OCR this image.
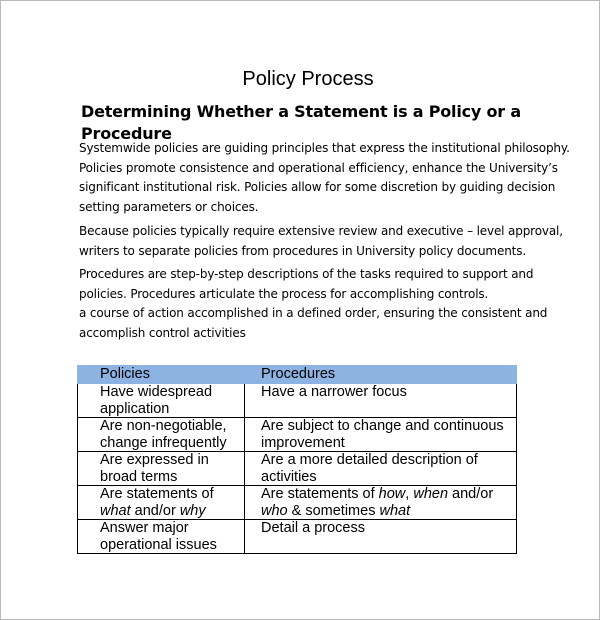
Policy Process
Determining Whether a Statement is a Policy or a Procedure
Systemwide policies are guiding principles that express the institutional philosophy.
Policies promote consistence and operational efficiency, enhance the University’s
significant institutional risk. Policies allow for some discretion by guiding decision
setting parameters or choices.
Because policies typically require extensive review and executive – level approval,
writers to separate policies from procedures in University policy documents.
Procedures are step-by-step descriptions of the tasks required to support and
policies. Procedures articulate the process for accomplishing controls.
a course of action accomplished in a defined order, ensuring the consistent and
accomplish control activities
Policies	Procedures

Have widespread
application	Have a narrower focus

Are non-negotiable,
change infrequently	Are subject to change and continuous
improvement

Are expressed in
broad terms	Are a more detailed description of
activities

Are statements of
what and/or why	Are statements of how, when and/or
who & sometimes what

Answer major
operational issues	Detail a process
